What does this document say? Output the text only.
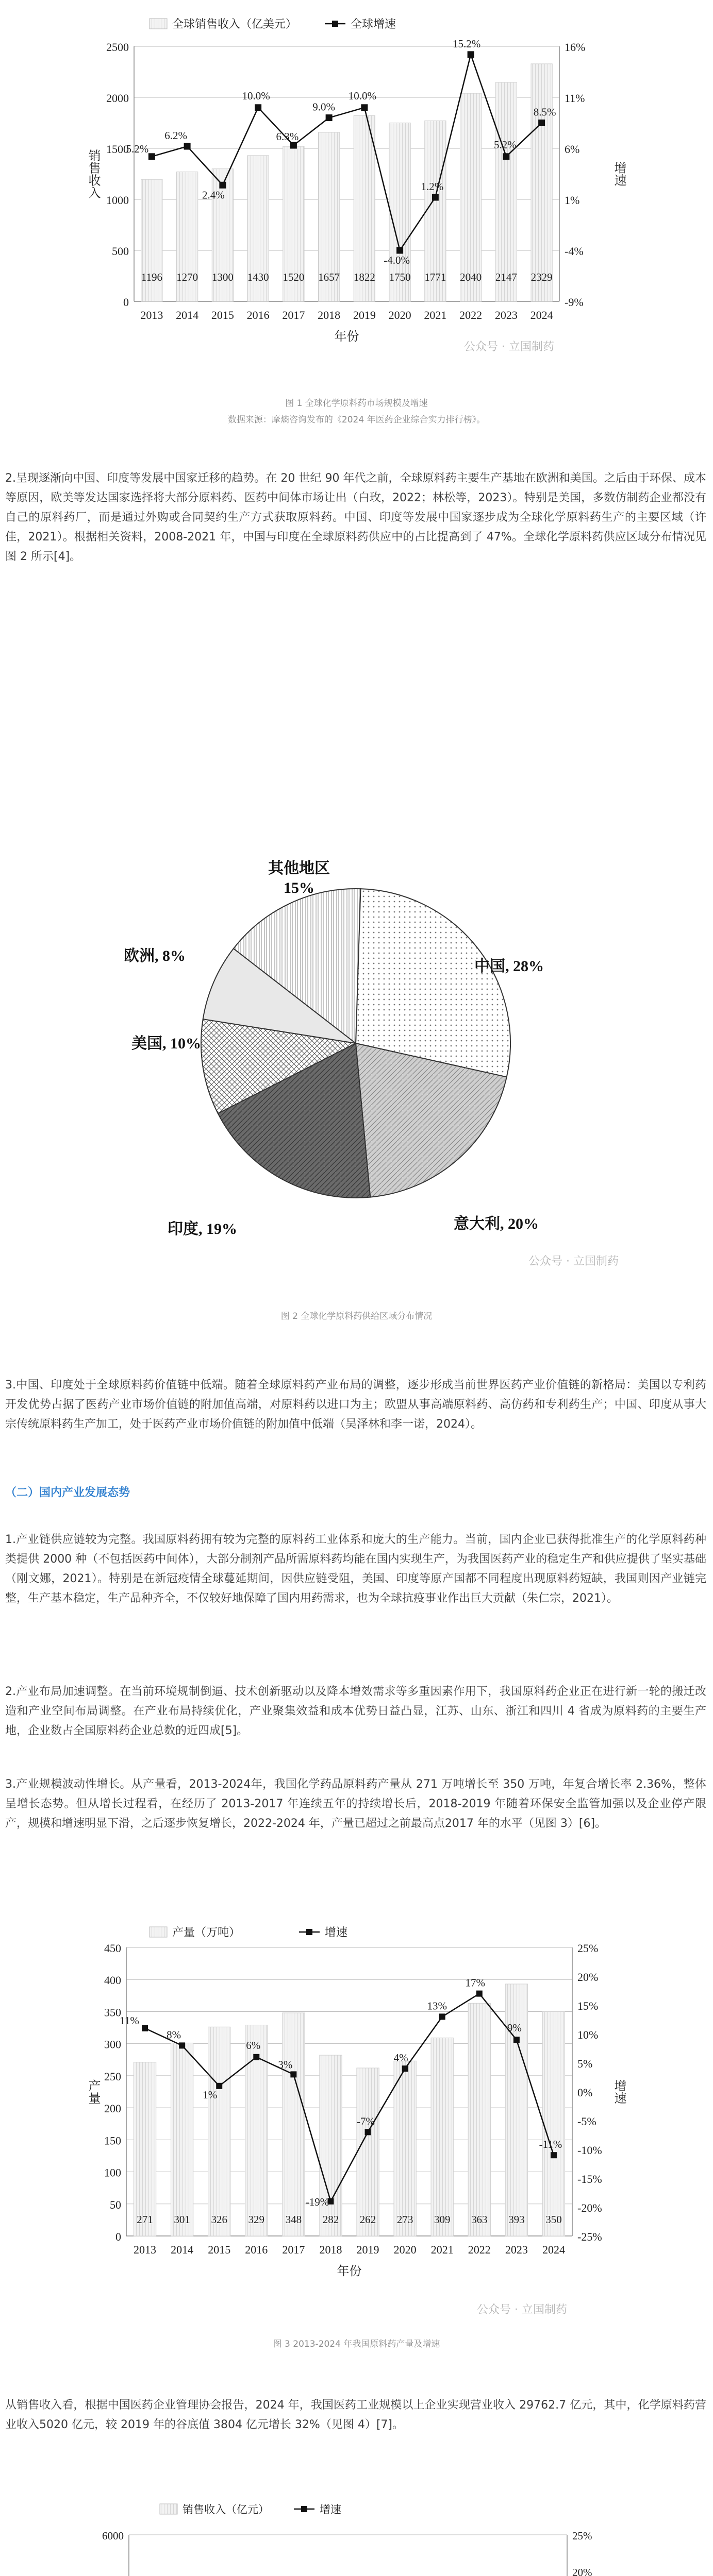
0
500
1000
1500
2000
2500
-9%
-4%
1%
6%
11%
16%
1196 1270 1300 1430 1520 1657 1822 1750 1771 2040 2147 2329
2013 2014 2015 2016 2017 2018 2019 2020 2021 2022 2023 2024
5.2%
6.2%
2.4%
10.0%
6.3%
9.0%
10.0%
-4.0%
1.2%
15.2%
5.2%
8.5%
年份
销售收入	增速
全球销售收入（亿美元）	全球增速
公众号 · 立国制药
图 1 全球化学原料药市场规模及增速
数据来源：摩熵咨询发布的《2024 年医药企业综合实力排行榜》。
2.呈现逐渐向中国、印度等发展中国家迁移的趋势。在 20 世纪 90 年代之前，全球原料药主要生产基地在欧洲和美国。之后由于环保、成本等原因，欧美等发达国家选择将大部分原料药、医药中间体市场让出（白玫，2022；林松等，2023）。特别是美国，多数仿制药企业都没有自己的原料药厂，而是通过外购或合同契约生产方式获取原料药。中国、印度等发展中国家逐步成为全球化学原料药生产的主要区域（许佳，2021）。根据相关资料，2008-2021 年，中国与印度在全球原料药供应中的占比提高到了 47%。全球化学原料药供应区域分布情况见图 2 所示[4]。
中国, 28%
意大利, 20%
印度, 19%
美国, 10%
欧洲, 8%
其他地区 15%
公众号 · 立国制药
图 2 全球化学原料药供给区域分布情况
3.中国、印度处于全球原料药价值链中低端。随着全球原料药产业布局的调整，逐步形成当前世界医药产业价值链的新格局：美国以专利药开发优势占据了医药产业市场价值链的附加值高端，对原料药以进口为主；欧盟从事高端原料药、高仿药和专利药生产；中国、印度从事大宗传统原料药生产加工，处于医药产业市场价值链的附加值中低端（吴泽林和李一诺，2024）。
（二）国内产业发展态势
1.产业链供应链较为完整。我国原料药拥有较为完整的原料药工业体系和庞大的生产能力。当前，国内企业已获得批准生产的化学原料药种类提供 2000 种（不包括医药中间体），大部分制剂产品所需原料药均能在国内实现生产，为我国医药产业的稳定生产和供应提供了坚实基础（刚文娜，2021）。特别是在新冠疫情全球蔓延期间，因供应链受阻，美国、印度等原产国都不同程度出现原料药短缺，我国则因产业链完整，生产基本稳定，生产品种齐全，不仅较好地保障了国内用药需求，也为全球抗疫事业作出巨大贡献（朱仁宗，2021）。
2.产业布局加速调整。在当前环境规制倒逼、技术创新驱动以及降本增效需求等多重因素作用下，我国原料药企业正在进行新一轮的搬迁改造和产业空间布局调整。在产业布局持续优化，产业聚集效益和成本优势日益凸显，江苏、山东、浙江和四川 4 省成为原料药的主要生产地，企业数占全国原料药企业总数的近四成[5]。
3.产业规模波动性增长。从产量看，2013-2024年，我国化学药品原料药产量从 271 万吨增长至 350 万吨，年复合增长率 2.36%，整体呈增长态势。但从增长过程看，在经历了 2013-2017 年连续五年的持续增长后，2018-2019 年随着环保安全监管加强以及企业停产限产，规模和增速明显下滑，之后逐步恢复增长，2022-2024 年，产量已超过之前最高点2017 年的水平（见图 3）[6]。
0
50
100
150
200
250
300
350
400
450
-25%
-20%
-15%
-10%
-5%
0%
5%
10%
15%
20%
25%
271 301 326 329 348 282 262 273 309 363 393 350
2013 2014 2015 2016 2017 2018 2019 2020 2021 2022 2023 2024
11%
8%
1%
6%
3%
-19%
-7%
4%
13%
17%
9%
-11%
年份
产量	增速
产量（万吨）	增速
公众号 · 立国制药
图 3 2013-2024 年我国原料药产量及增速
从销售收入看，根据中国医药企业管理协会报告，2024 年，我国医药工业规模以上企业实现营业收入 29762.7 亿元，其中，化学原料药营业收入5020 亿元，较 2019 年的谷底值 3804 亿元增长 32%（见图 4）[7]。
6000
20%
25%
销售收入（亿元）	增速
